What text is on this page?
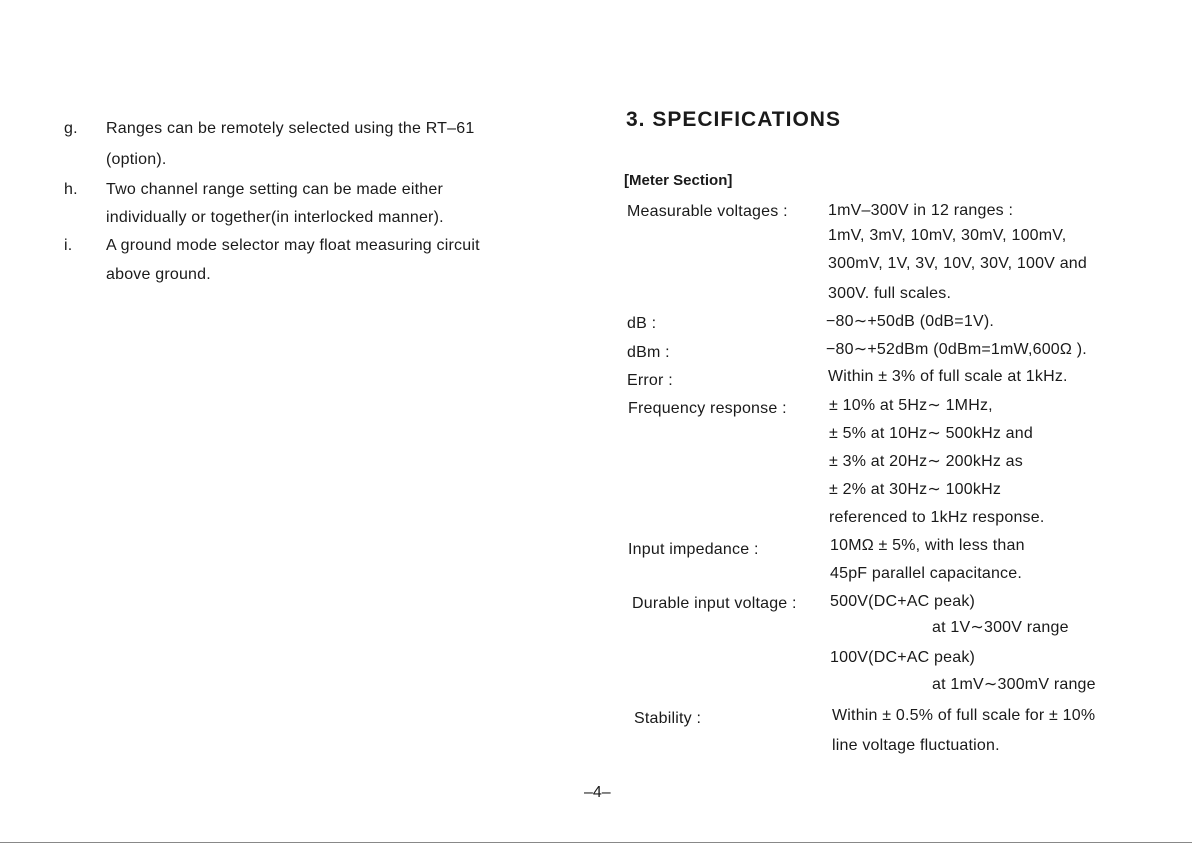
g. Ranges can be remotely selected using the RT–61
(option).
h. Two channel range setting can be made either
individually or together(in interlocked manner).
i. A ground mode selector may float measuring circuit
above ground.
3. SPECIFICATIONS
[Meter Section]
Measurable voltages :	1mV–300V in 12 ranges :
1mV, 3mV, 10mV, 30mV, 100mV,
300mV, 1V, 3V, 10V, 30V, 100V and
300V. full scales.
dB :	−80∼+50dB (0dB=1V).
dBm :	−80∼+52dBm (0dBm=1mW,600Ω ).
Error :	Within ± 3% of full scale at 1kHz.
Frequency response :	± 10% at 5Hz∼ 1MHz,
± 5% at 10Hz∼ 500kHz and
± 3% at 20Hz∼ 200kHz as
± 2% at 30Hz∼ 100kHz
referenced to 1kHz response.
Input impedance :	10MΩ ± 5%, with less than
45pF parallel capacitance.
Durable input voltage : 500V(DC+AC peak)
at 1V∼300V range
100V(DC+AC peak)
at 1mV∼300mV range
Stability :	Within ± 0.5% of full scale for ± 10%
line voltage fluctuation.
–4–
